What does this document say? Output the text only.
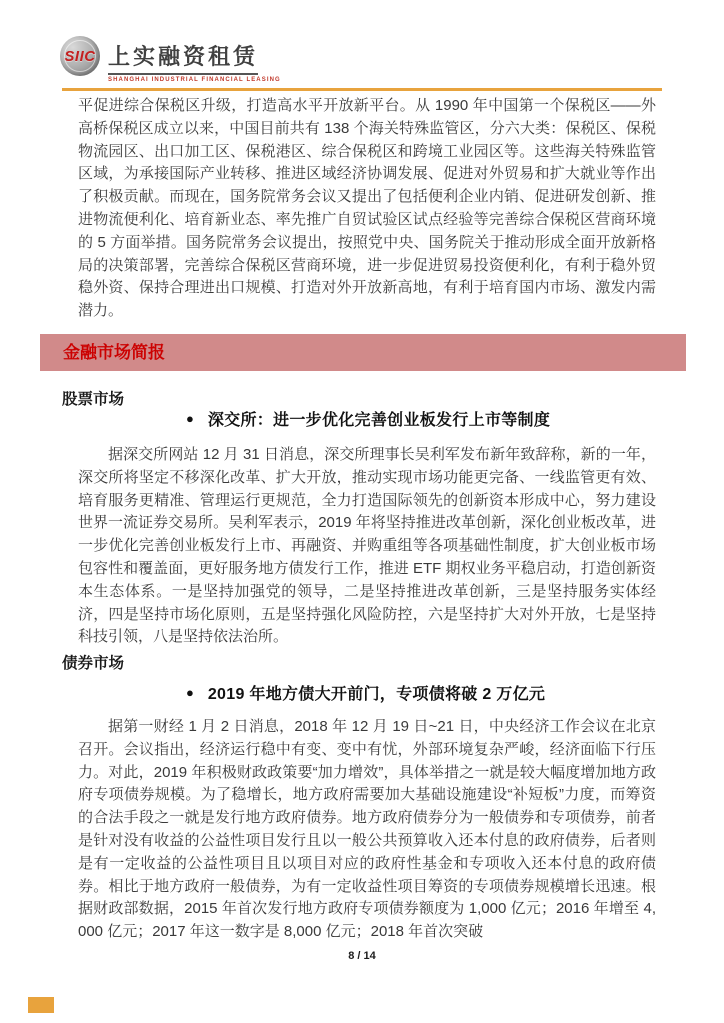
SIIC 上实融资租赁
SHANGHAI INDUSTRIAL FINANCIAL LEASING

平促进综合保税区升级，打造高水平开放新平台。从 1990 年中国第一个保税区——外高桥保税区成立以来，中国目前共有 138 个海关特殊监管区，分六大类：保税区、保税物流园区、出口加工区、保税港区、综合保税区和跨境工业园区等。这些海关特殊监管区域，为承接国际产业转移、推进区域经济协调发展、促进对外贸易和扩大就业等作出了积极贡献。而现在，国务院常务会议又提出了包括便利企业内销、促进研发创新、推进物流便利化、培育新业态、率先推广自贸试验区试点经验等完善综合保税区营商环境的 5 方面举措。国务院常务会议提出，按照党中央、国务院关于推动形成全面开放新格局的决策部署，完善综合保税区营商环境，进一步促进贸易投资便利化，有利于稳外贸稳外资、保持合理进出口规模、打造对外开放新高地，有利于培育国内市场、激发内需潜力。

金融市场简报
股票市场
● 深交所：进一步优化完善创业板发行上市等制度

据深交所网站 12 月 31 日消息，深交所理事长吴利军发布新年致辞称，新的一年，深交所将坚定不移深化改革、扩大开放，推动实现市场功能更完备、一线监管更有效、培育服务更精准、管理运行更规范，全力打造国际领先的创新资本形成中心，努力建设世界一流证券交易所。吴利军表示，2019 年将坚持推进改革创新，深化创业板改革，进一步优化完善创业板发行上市、再融资、并购重组等各项基础性制度，扩大创业板市场包容性和覆盖面，更好服务地方债发行工作，推进 ETF 期权业务平稳启动，打造创新资本生态体系。一是坚持加强党的领导，二是坚持推进改革创新，三是坚持服务实体经济，四是坚持市场化原则，五是坚持强化风险防控，六是坚持扩大对外开放，七是坚持科技引领，八是坚持依法治所。

债券市场
● 2019 年地方债大开前门，专项债将破 2 万亿元

据第一财经 1 月 2 日消息，2018 年 12 月 19 日~21 日，中央经济工作会议在北京召开。会议指出，经济运行稳中有变、变中有忧，外部环境复杂严峻，经济面临下行压力。对此，2019 年积极财政政策要“加力增效”，具体举措之一就是较大幅度增加地方政府专项债券规模。为了稳增长，地方政府需要加大基础设施建设“补短板”力度，而筹资的合法手段之一就是发行地方政府债券。地方政府债券分为一般债券和专项债券，前者是针对没有收益的公益性项目发行且以一般公共预算收入还本付息的政府债券，后者则是有一定收益的公益性项目且以项目对应的政府性基金和专项收入还本付息的政府债券。相比于地方政府一般债券，为有一定收益性项目筹资的专项债券规模增长迅速。根据财政部数据，2015 年首次发行地方政府专项债券额度为 1,000 亿元；2016 年增至 4,000 亿元；2017 年这一数字是 8,000 亿元；2018 年首次突破

8 / 14
